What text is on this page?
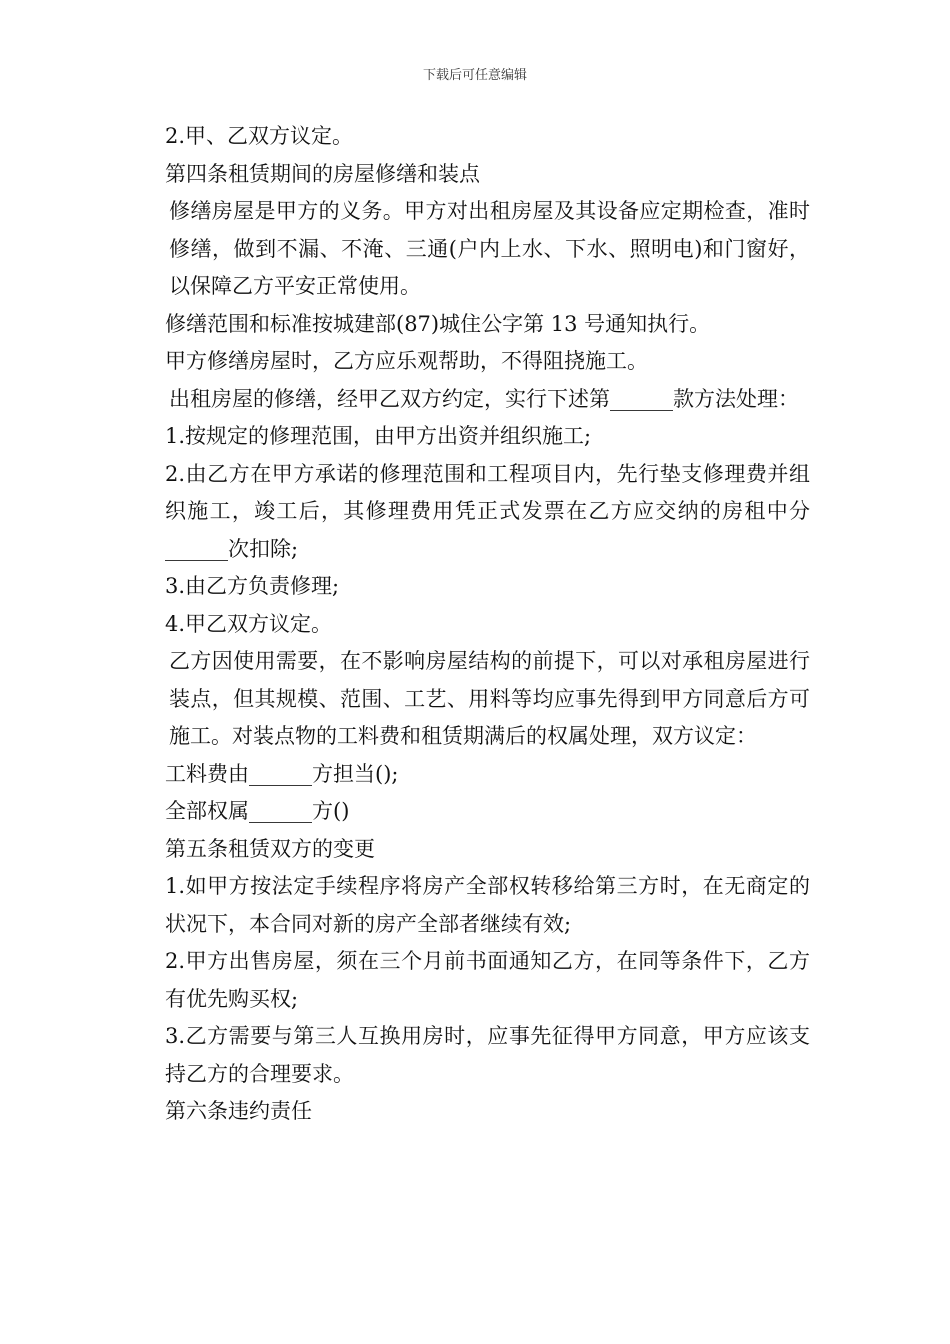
下载后可任意编辑

2.甲、乙双方议定。

第四条租赁期间的房屋修缮和装点

修缮房屋是甲方的义务。甲方对出租房屋及其设备应定期检查，准时修缮，做到不漏、不淹、三通(户内上水、下水、照明电)和门窗好，以保障乙方平安正常使用。

修缮范围和标准按城建部(87)城住公字第 13 号通知执行。

甲方修缮房屋时，乙方应乐观帮助，不得阻挠施工。

出租房屋的修缮，经甲乙双方约定，实行下述第______款方法处理：

1.按规定的修理范围，由甲方出资并组织施工;

2.由乙方在甲方承诺的修理范围和工程项目内，先行垫支修理费并组织施工，竣工后，其修理费用凭正式发票在乙方应交纳的房租中分______次扣除;

3.由乙方负责修理;

4.甲乙双方议定。

乙方因使用需要，在不影响房屋结构的前提下，可以对承租房屋进行装点，但其规模、范围、工艺、用料等均应事先得到甲方同意后方可施工。对装点物的工料费和租赁期满后的权属处理，双方议定：

工料费由______方担当();

全部权属______方()

第五条租赁双方的变更

1.如甲方按法定手续程序将房产全部权转移给第三方时，在无商定的状况下，本合同对新的房产全部者继续有效;

2.甲方出售房屋，须在三个月前书面通知乙方，在同等条件下，乙方有优先购买权;

3.乙方需要与第三人互换用房时，应事先征得甲方同意，甲方应该支持乙方的合理要求。

第六条违约责任
